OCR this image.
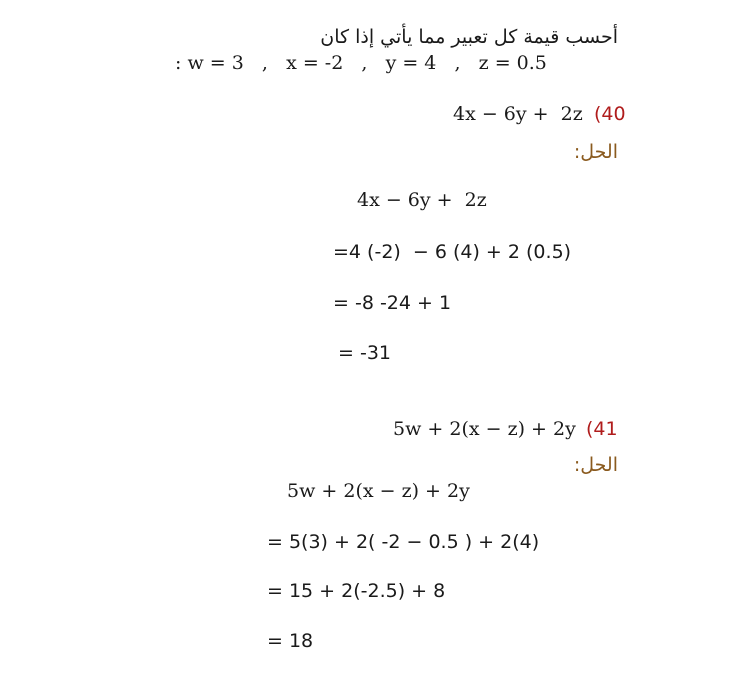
أحسب قيمة كل تعبير مما يأتي إذا كان
: w = 3   ,   x = -2   ,   y = 4   ,   z = 0.5
4x − 6y +  2z (40
الحل:
4x − 6y +  2z
=4 (-2)  − 6 (4) + 2 (0.5)
= -8 -24 + 1
= -31
5w + 2(x − z) + 2y (41
الحل:
5w + 2(x − z) + 2y
= 5(3) + 2( -2 − 0.5 ) + 2(4)
= 15 + 2(-2.5) + 8
= 18
